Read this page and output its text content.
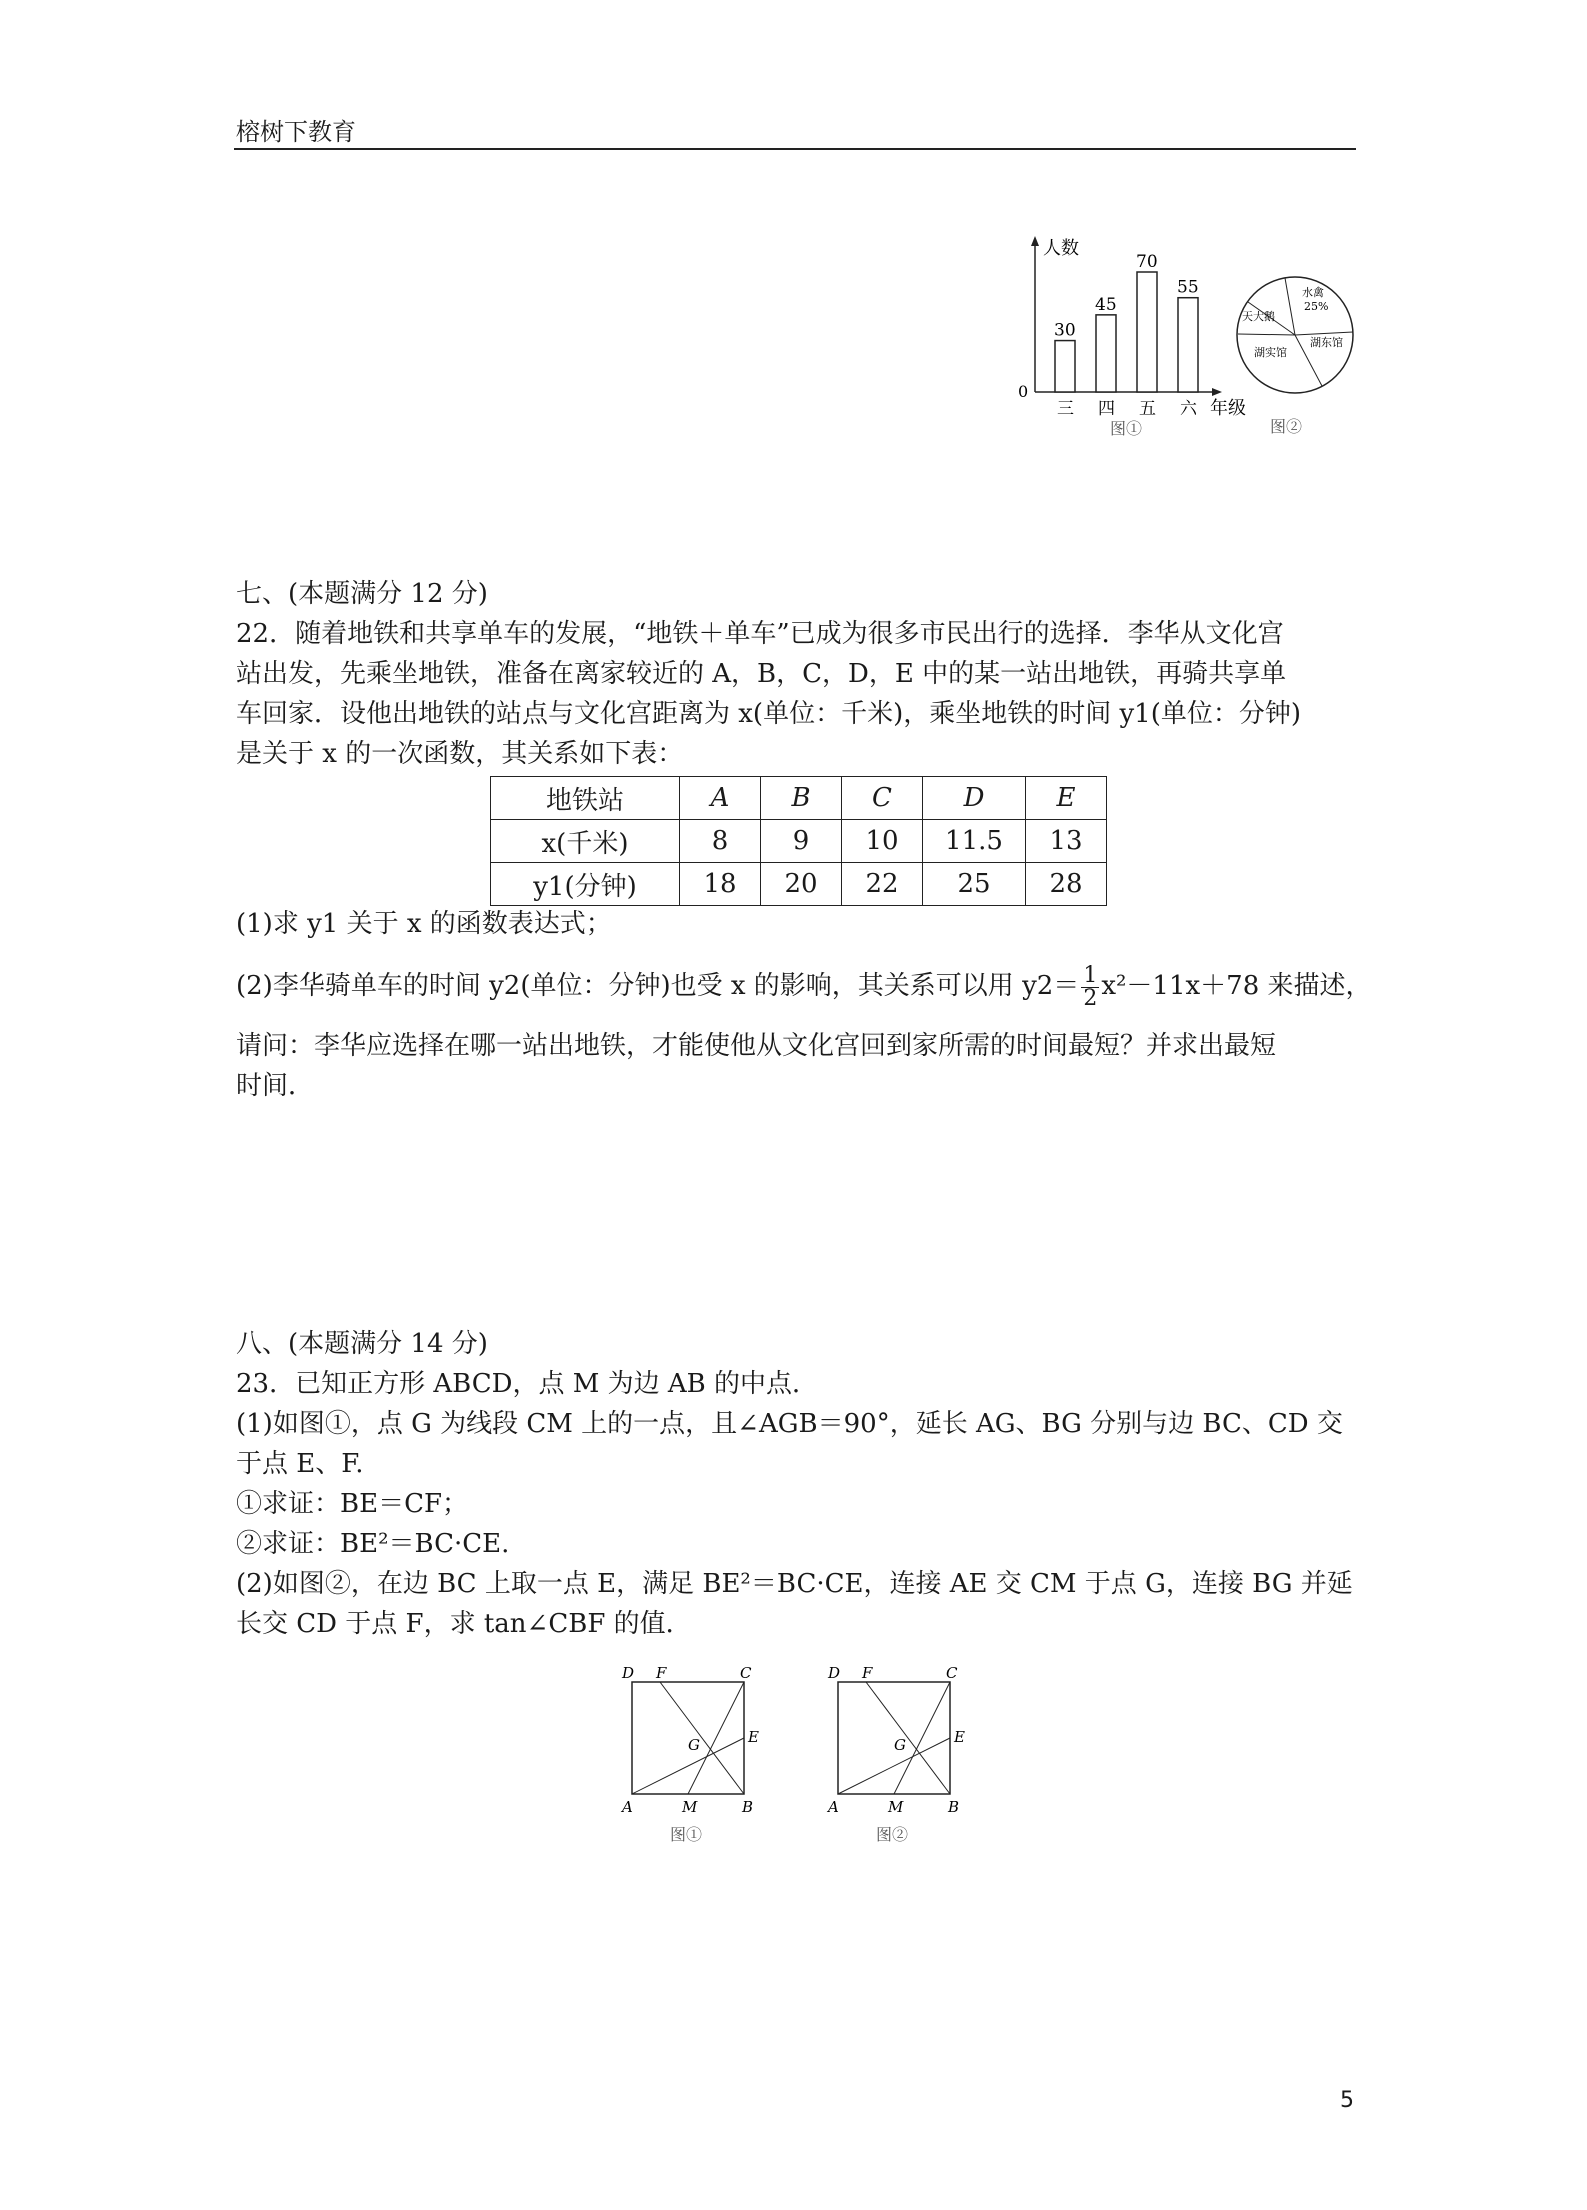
榕树下教育
人数
年级
0
30
三
45
四
70
五
55
六
图①
天大鹅
水禽
25%
湖东馆
湖实馆
图②
七、(本题满分 12 分)
22．随着地铁和共享单车的发展，“地铁＋单车”已成为很多市民出行的选择．李华从文化宫
站出发，先乘坐地铁，准备在离家较近的 A，B，C，D，E 中的某一站出地铁，再骑共享单
车回家．设他出地铁的站点与文化宫距离为 x(单位：千米)，乘坐地铁的时间 y1(单位：分钟)
是关于 x 的一次函数，其关系如下表：
地铁站	A	B	C	D	E
x(千米)	8	9	10	11.5	13
y1(分钟)	18	20	22	25	28
(1)求 y1 关于 x 的函数表达式；
(2)李华骑单车的时间 y2(单位：分钟)也受 x 的影响，其关系可以用 $y2= \frac{1}{2} x^2-11x+78$ 来描述，
请问：李华应选择在哪一站出地铁，才能使他从文化宫回到家所需的时间最短？并求出最短
时间．
八、(本题满分 14 分)
23．已知正方形 ABCD，点 M 为边 AB 的中点．
(1)如图①，点 G 为线段 CM 上的一点，且∠AGB＝90°，延长 AG、BG 分别与边 BC、CD 交
于点 E、F.
①求证：BE＝CF；
②求证：BE²＝BC·CE.
(2)如图②，在边 BC 上取一点 E，满足 BE²＝BC·CE，连接 AE 交 CM 于点 G，连接 BG 并延
长交 CD 于点 F，求 tan∠CBF 的值．
D F	C
E
G
A	M	B
图①
D F	C
E
G
A	M	B
图②
5
